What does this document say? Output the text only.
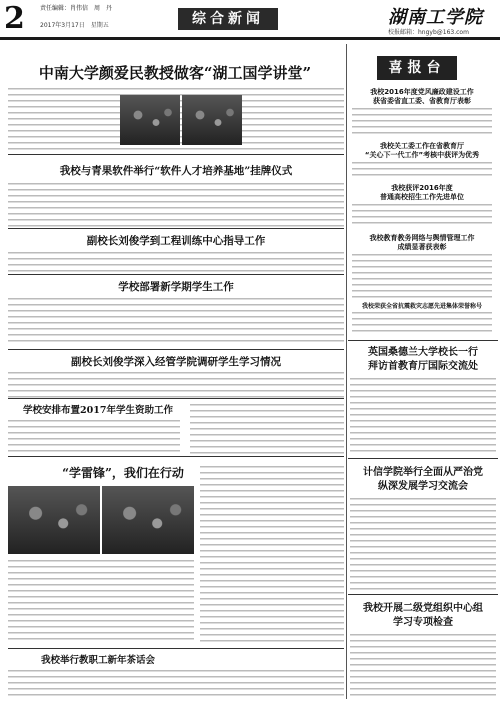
2	责任编辑：肖伟信　周　丹
2017年3月17日　星期五	综合新闻	湖南工学院
校报邮箱：hngyb@163.com
中南大学颜爱民教授做客“湖工国学讲堂”
我校与青果软件举行“软件人才培养基地”挂牌仪式
副校长刘俊学到工程训练中心指导工作
学校部署新学期学生工作
副校长刘俊学深入经管学院调研学生学习情况
学校安排布置2017年学生资助工作
“学雷锋”，我们在行动
我校举行教职工新年茶话会
喜报台
我校2016年度党风廉政建设工作
获省委省直工委、省教育厅表彰
我校关工委工作在省教育厅
“关心下一代工作”考核中获评为优秀
我校获评2016年度
普通高校招生工作先进单位
我校教育教务网络与舆情管理工作
成绩显著获表彰
我校荣获全省抗震救灾志愿先进集体荣誉称号
英国桑德兰大学校长一行
拜访首教育厅国际交流处
计信学院举行全面从严治党
纵深发展学习交流会
我校开展二级党组织中心组
学习专项检查
